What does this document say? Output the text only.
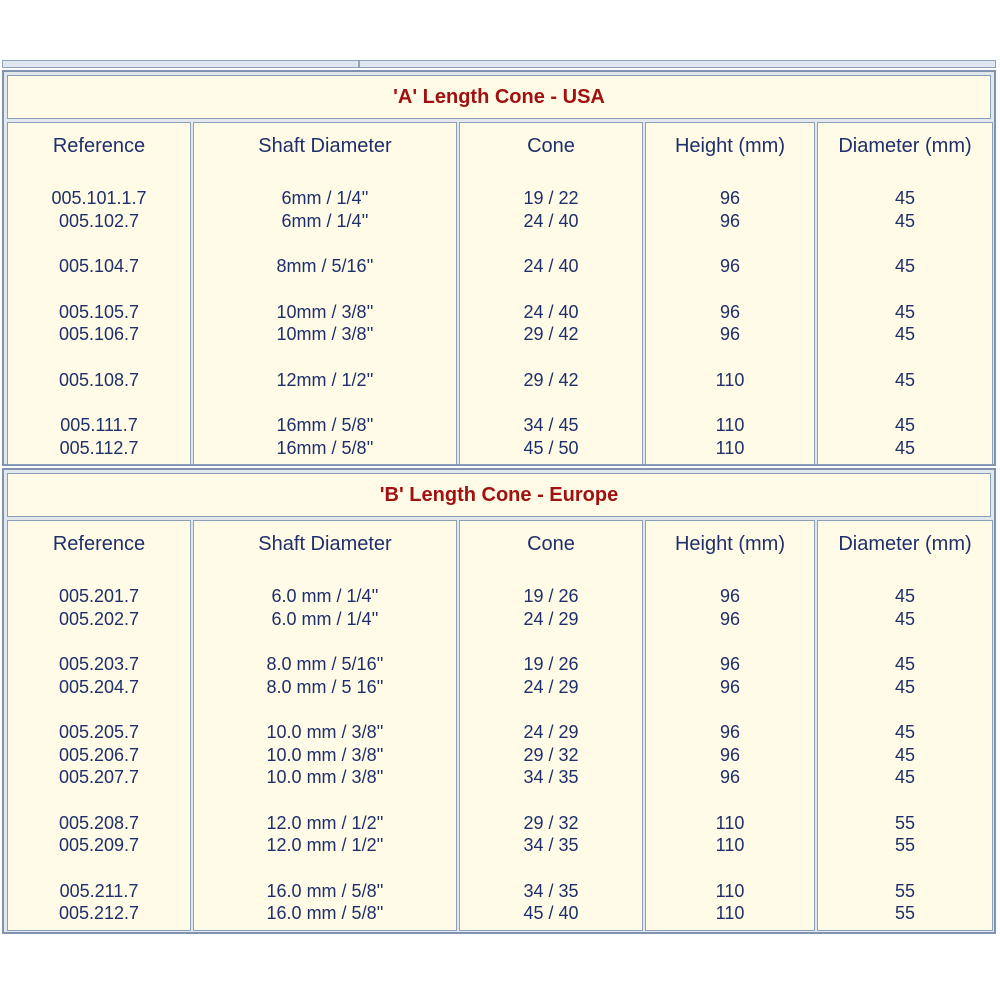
'A' Length Cone - USA
Reference
005.101.1.7
005.102.7
005.104.7
005.105.7
005.106.7
005.108.7
005.111.7
005.112.7
Shaft Diameter
6mm / 1/4''
6mm / 1/4''
8mm / 5/16''
10mm / 3/8''
10mm / 3/8''
12mm / 1/2''
16mm / 5/8''
16mm / 5/8''
Cone
19 / 22
24 / 40
24 / 40
24 / 40
29 / 42
29 / 42
34 / 45
45 / 50
Height (mm)
96
96
96
96
96
110
110
110
Diameter (mm)
45
45
45
45
45
45
45
45
'B' Length Cone - Europe
Reference
005.201.7
005.202.7
005.203.7
005.204.7
005.205.7
005.206.7
005.207.7
005.208.7
005.209.7
005.211.7
005.212.7
Shaft Diameter
6.0 mm / 1/4''
6.0 mm / 1/4''
8.0 mm / 5/16''
8.0 mm / 5 16''
10.0 mm / 3/8''
10.0 mm / 3/8''
10.0 mm / 3/8''
12.0 mm / 1/2''
12.0 mm / 1/2''
16.0 mm / 5/8''
16.0 mm / 5/8''
Cone
19 / 26
24 / 29
19 / 26
24 / 29
24 / 29
29 / 32
34 / 35
29 / 32
34 / 35
34 / 35
45 / 40
Height (mm)
96
96
96
96
96
96
96
110
110
110
110
Diameter (mm)
45
45
45
45
45
45
45
55
55
55
55
